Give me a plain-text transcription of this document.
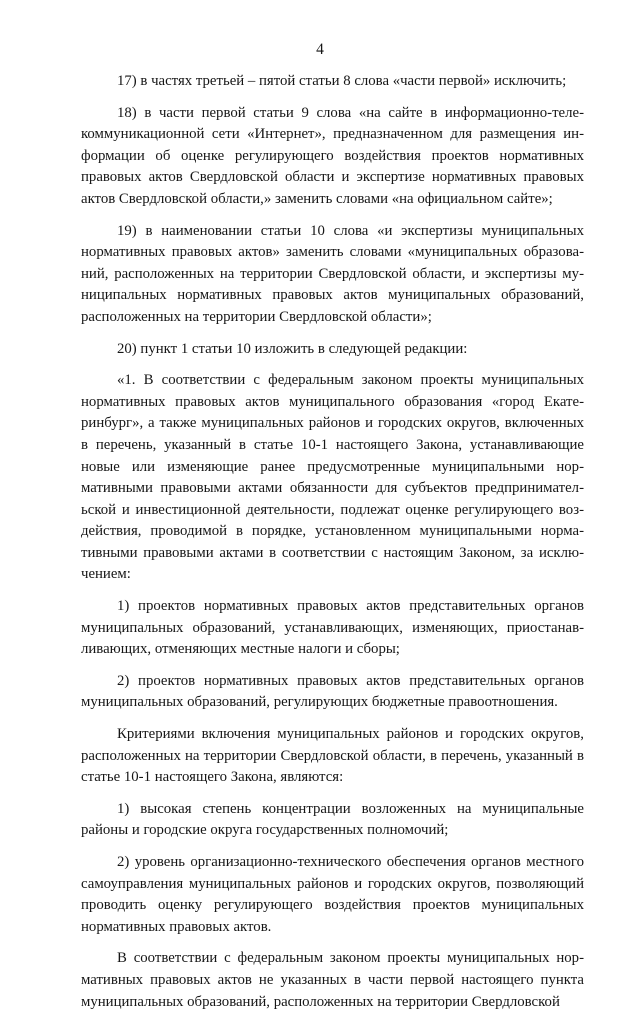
4

17) в частях третьей – пятой статьи 8 слова «части первой» исключить;

18) в части первой статьи 9 слова «на сайте в информационно-телекоммуникационной сети «Интернет», предназначенном для размещения информации об оценке регулирующего воздействия проектов нормативных правовых актов Свердловской области и экспертизе нормативных правовых актов Свердловской области,» заменить словами «на официальном сайте»;

19) в наименовании статьи 10 слова «и экспертизы муниципальных нормативных правовых актов» заменить словами «муниципальных образований, расположенных на территории Свердловской области, и экспертизы муниципальных нормативных правовых актов муниципальных образований, расположенных на территории Свердловской области»;

20) пункт 1 статьи 10 изложить в следующей редакции:

«1. В соответствии с федеральным законом проекты муниципальных нормативных правовых актов муниципального образования «город Екатеринбург», а также муниципальных районов и городских округов, включенных в перечень, указанный в статье 10-1 настоящего Закона, устанавливающие новые или изменяющие ранее предусмотренные муниципальными нормативными правовыми актами обязанности для субъектов предпринимательской и инвестиционной деятельности, подлежат оценке регулирующего воздействия, проводимой в порядке, установленном муниципальными нормативными правовыми актами в соответствии с настоящим Законом, за исключением:

1) проектов нормативных правовых актов представительных органов муниципальных образований, устанавливающих, изменяющих, приостанавливающих, отменяющих местные налоги и сборы;

2) проектов нормативных правовых актов представительных органов муниципальных образований, регулирующих бюджетные правоотношения.

Критериями включения муниципальных районов и городских округов, расположенных на территории Свердловской области, в перечень, указанный в статье 10-1 настоящего Закона, являются:

1) высокая степень концентрации возложенных на муниципальные районы и городские округа государственных полномочий;

2) уровень организационно-технического обеспечения органов местного самоуправления муниципальных районов и городских округов, позволяющий проводить оценку регулирующего воздействия проектов муниципальных нормативных правовых актов.

В соответствии с федеральным законом проекты муниципальных нормативных правовых актов не указанных в части первой настоящего пункта муниципальных образований, расположенных на территории Свердловской
